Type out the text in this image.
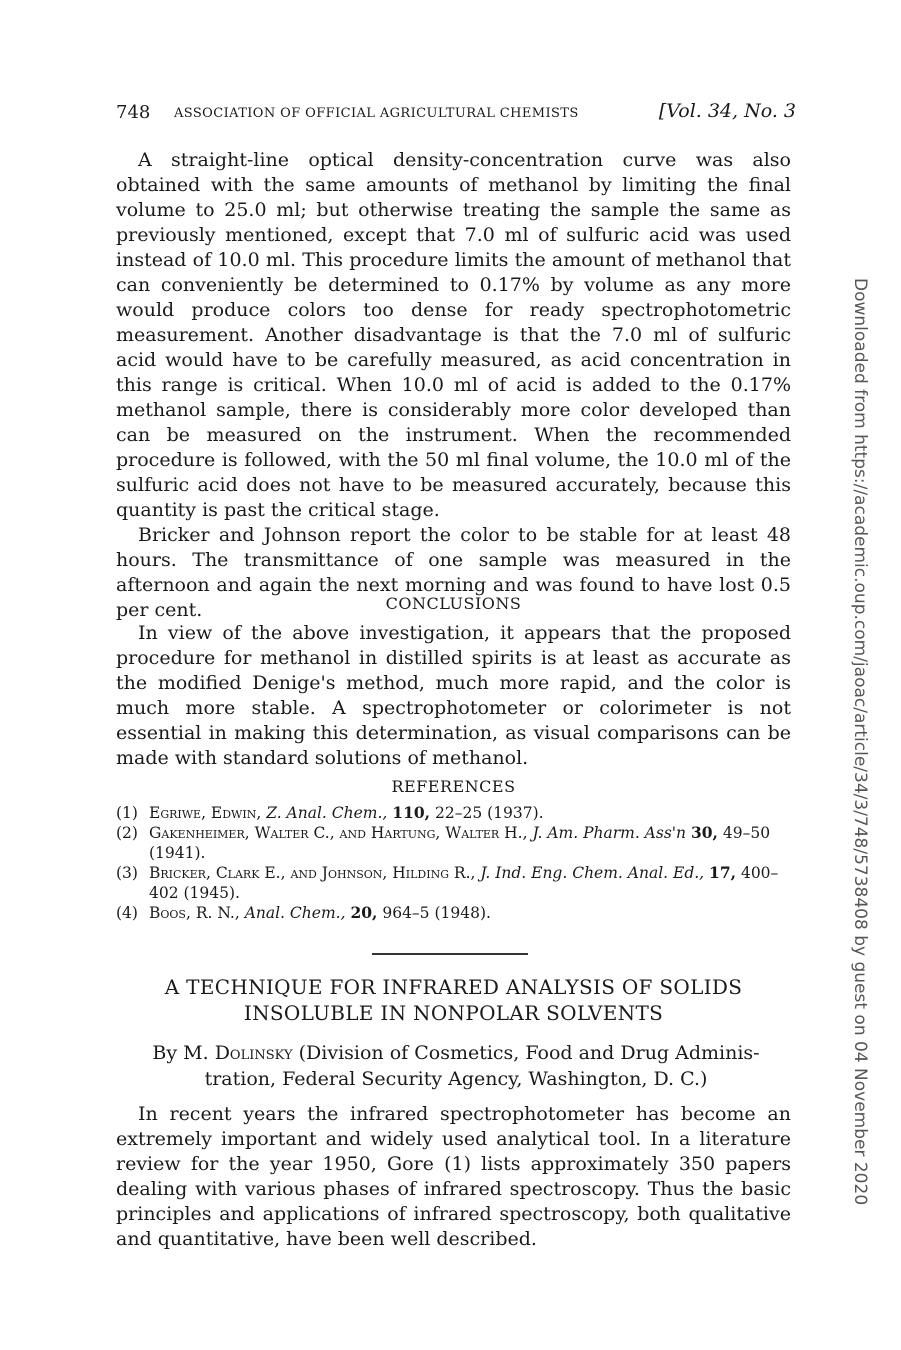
748 ASSOCIATION OF OFFICIAL AGRICULTURAL CHEMISTS	[Vol. 34, No. 3

A straight-line optical density-concentration curve was also obtained with the same amounts of methanol by limiting the final volume to 25.0 ml; but otherwise treating the sample the same as previously mentioned, except that 7.0 ml of sulfuric acid was used instead of 10.0 ml. This procedure limits the amount of methanol that can conveniently be determined to 0.17% by volume as any more would produce colors too dense for ready spectrophotometric measurement. Another disadvantage is that the 7.0 ml of sulfuric acid would have to be carefully measured, as acid concentration in this range is critical. When 10.0 ml of acid is added to the 0.17% methanol sample, there is considerably more color developed than can be measured on the instrument. When the recommended procedure is followed, with the 50 ml final volume, the 10.0 ml of the sulfuric acid does not have to be measured accurately, because this quantity is past the critical stage.

Bricker and Johnson report the color to be stable for at least 48 hours. The transmittance of one sample was measured in the afternoon and again the next morning and was found to have lost 0.5 per cent.	CONCLUSIONS

In view of the above investigation, it appears that the proposed procedure for methanol in distilled spirits is at least as accurate as the modified Denige's method, much more rapid, and the color is much more stable. A spectrophotometer or colorimeter is not essential in making this determination, as visual comparisons can be made with standard solutions of methanol.

REFERENCES

(1) Egriwe, Edwin, Z. Anal. Chem., 110, 22–25 (1937).

(2) Gakenheimer, Walter C., and Hartung, Walter H., J. Am. Pharm. Ass'n 30, 49–50 (1941).

(3) Bricker, Clark E., and Johnson, Hilding R., J. Ind. Eng. Chem. Anal. Ed., 17, 400–402 (1945).

(4) Boos, R. N., Anal. Chem., 20, 964–5 (1948).

A TECHNIQUE FOR INFRARED ANALYSIS OF SOLIDS
INSOLUBLE IN NONPOLAR SOLVENTS
By M. Dolinsky (Division of Cosmetics, Food and Drug Adminis-
tration, Federal Security Agency, Washington, D. C.)

In recent years the infrared spectrophotometer has become an extremely important and widely used analytical tool. In a literature review for the year 1950, Gore (1) lists approximately 350 papers dealing with various phases of infrared spectroscopy. Thus the basic principles and applications of infrared spectroscopy, both qualitative and quantitative, have been well described.

Downloaded from https://academic.oup.com/jaoac/article/34/3/748/5738408 by guest on 04 November 2020
